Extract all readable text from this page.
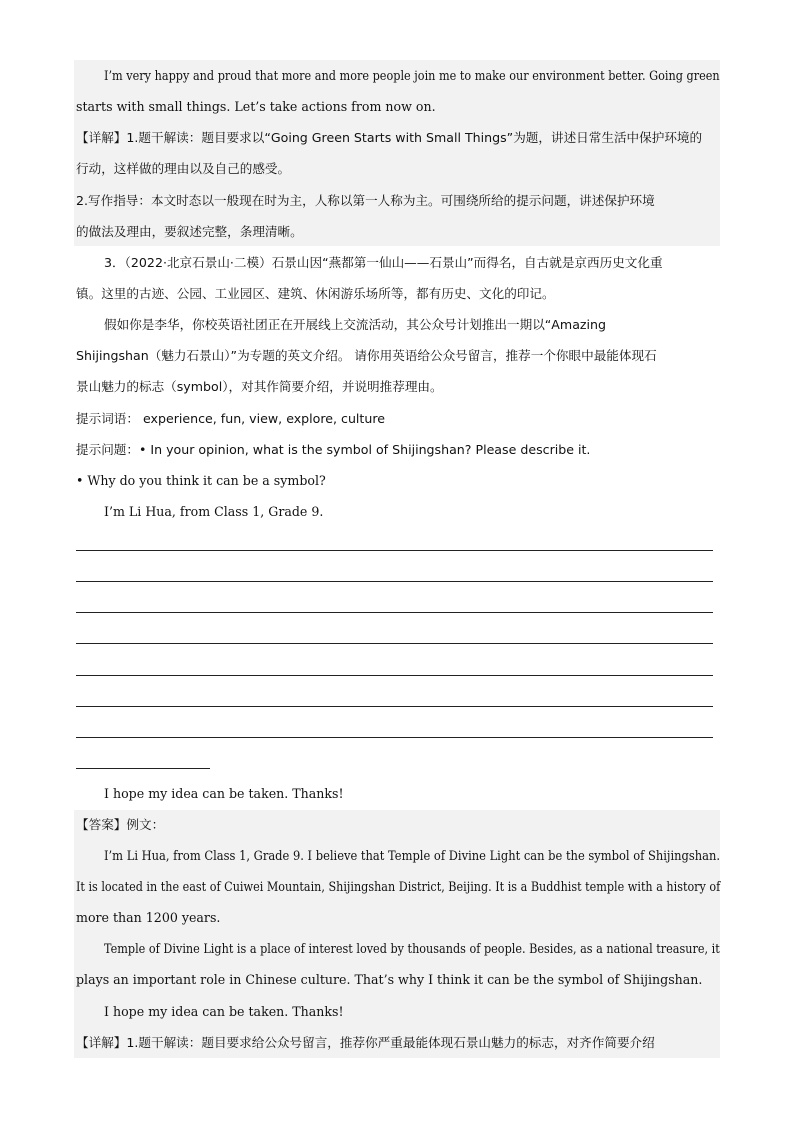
I’m very happy and proud that more and more people join me to make our environment better. Going green
starts with small things. Let’s take actions from now on.
【详解】1.题干解读：题目要求以“Going Green Starts with Small Things”为题，讲述日常生活中保护环境的
行动，这样做的理由以及自己的感受。
2.写作指导：本文时态以一般现在时为主，人称以第一人称为主。可围绕所给的提示问题，讲述保护环境
的做法及理由，要叙述完整，条理清晰。
3．（2022·北京石景山·二模）石景山因“燕都第一仙山——石景山”而得名，自古就是京西历史文化重
镇。这里的古迹、公园、工业园区、建筑、休闲游乐场所等，都有历史、文化的印记。
假如你是李华，你校英语社团正在开展线上交流活动，其公众号计划推出一期以“Amazing
Shijingshan（魅力石景山）”为专题的英文介绍。 请你用英语给公众号留言，推荐一个你眼中最能体现石
景山魅力的标志（symbol），对其作简要介绍，并说明推荐理由。
提示词语： experience, fun, view, explore, culture
提示问题：• In your opinion, what is the symbol of Shijingshan? Please describe it.
• Why do you think it can be a symbol?
I’m Li Hua, from Class 1, Grade 9.
I hope my idea can be taken. Thanks!
【答案】例文：
I’m Li Hua, from Class 1, Grade 9. I believe that Temple of Divine Light can be the symbol of Shijingshan.
It is located in the east of Cuiwei Mountain, Shijingshan District, Beijing. It is a Buddhist temple with a history of
more than 1200 years.
Temple of Divine Light is a place of interest loved by thousands of people. Besides, as a national treasure, it
plays an important role in Chinese culture. That’s why I think it can be the symbol of Shijingshan.
I hope my idea can be taken. Thanks!
【详解】1.题干解读：题目要求给公众号留言，推荐你严重最能体现石景山魅力的标志，对齐作简要介绍
